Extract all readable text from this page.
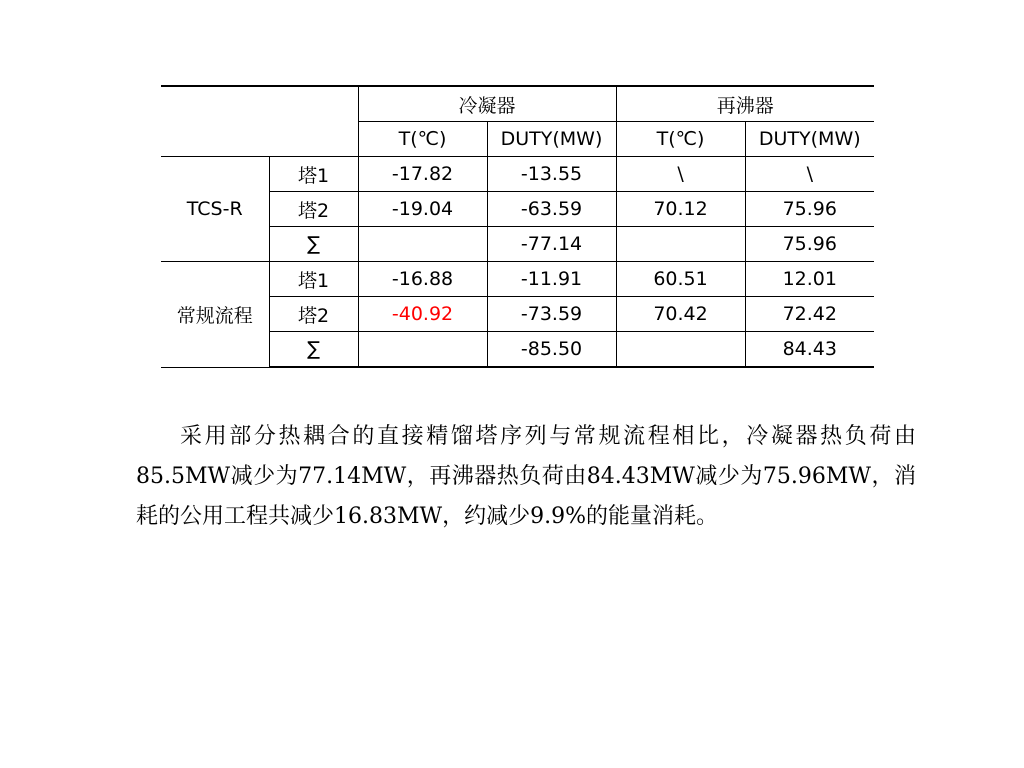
		冷凝器		再沸器	
		T(℃)	DUTY(MW)	T(℃)	DUTY(MW)
TCS-R	塔1	-17.82	-13.55	\	\
	塔2	-19.04	-63.59	70.12	75.96
	∑		-77.14		75.96
常规流程	塔1	-16.88	-11.91	60.51	12.01
	塔2	-40.92	-73.59	70.42	72.42
	∑		-85.50		84.43

采用部分热耦合的直接精馏塔序列与常规流程相比，冷凝器热负荷由85.5MW减少为77.14MW，再沸器热负荷由84.43MW减少为75.96MW，消耗的公用工程共减少16.83MW，约减少9.9%的能量消耗。
